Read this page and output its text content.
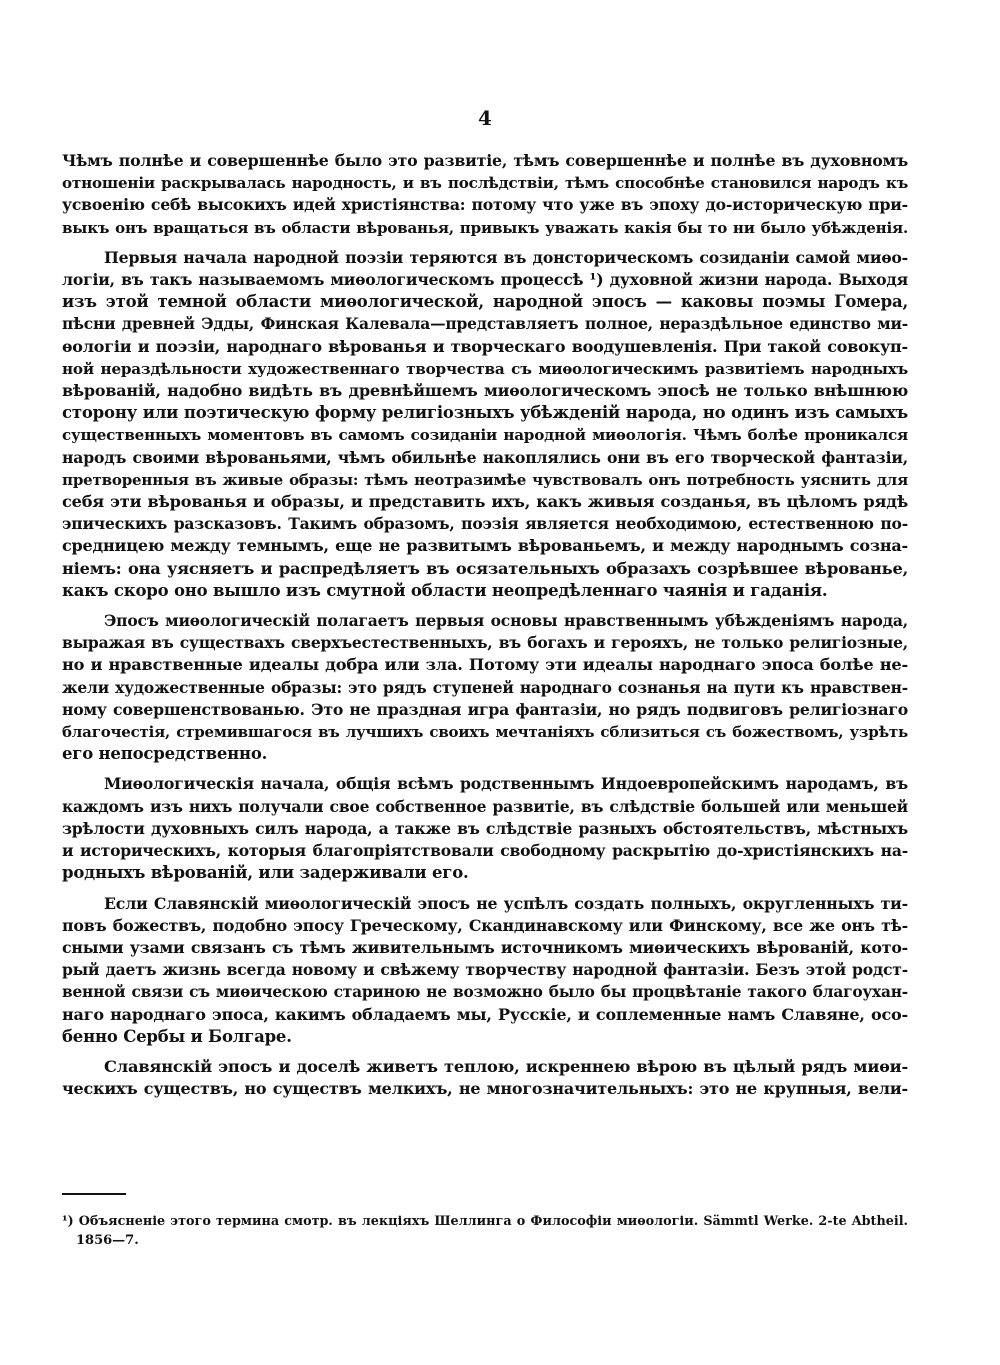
4
Чѣмъ полнѣе и совершеннѣе было это развитіе, тѣмъ совершеннѣе и полнѣе въ духовномъ
отношеніи раскрывалась народность, и въ послѣдствіи, тѣмъ способнѣе становился народъ къ
усвоенію себѣ высокихъ идей христіянства: потому что уже въ эпоху до-историческую при-
выкъ онъ вращаться въ области вѣрованья, привыкъ уважать какія бы то ни было убѣжденія.
Первыя начала народной поэзіи теряются въ донсторическомъ созиданіи самой миѳо-
логіи, въ такъ называемомъ миѳологическомъ процессѣ ¹) духовной жизни народа. Выходя
изъ этой темной области миѳологической, народной эпосъ — каковы поэмы Гомера,
пѣсни древней Эдды, Финская Калевала—представляетъ полное, нераздѣльное единство ми-
ѳологіи и поэзіи, народнаго вѣрованья и творческаго воодушевленія. При такой совокуп-
ной нераздѣльности художественнаго творчества съ миѳологическимъ развитіемъ народныхъ
вѣрованій, надобно видѣть въ древнѣйшемъ миѳологическомъ эпосѣ не только внѣшнюю
сторону или поэтическую форму религіозныхъ убѣжденій народа, но одинъ изъ самыхъ
существенныхъ моментовъ въ самомъ созиданіи народной миѳологія. Чѣмъ болѣе проникался
народъ своими вѣрованьями, чѣмъ обильнѣе накоплялись они въ его творческой фантазіи,
претворенныя въ живые образы: тѣмъ неотразимѣе чувствовалъ онъ потребность уяснить для
себя эти вѣрованья и образы, и представить ихъ, какъ живыя созданья, въ цѣломъ рядѣ
эпическихъ разсказовъ. Такимъ образомъ, поэзія является необходимою, естественною по-
средницею между темнымъ, еще не развитымъ вѣрованьемъ, и между народнымъ созна-
ніемъ: она уясняетъ и распредѣляетъ въ осязательныхъ образахъ созрѣвшее вѣрованье,
какъ скоро оно вышло изъ смутной области неопредѣленнаго чаянія и гаданія.
Эпосъ миѳологическій полагаетъ первыя основы нравственнымъ убѣжденіямъ народа,
выражая въ существахъ сверхъестественныхъ, въ богахъ и герояхъ, не только религіозные,
но и нравственные идеалы добра или зла. Потому эти идеалы народнаго эпоса болѣе не-
жели художественные образы: это рядъ ступеней народнаго сознанья на пути къ нравствен-
ному совершенствованью. Это не праздная игра фантазіи, но рядъ подвиговъ религіознаго
благочестія, стремившагося въ лучшихъ своихъ мечтаніяхъ сблизиться съ божествомъ, узрѣть
его непосредственно.
Миѳологическія начала, общія всѣмъ родственнымъ Индоевропейскимъ народамъ, въ
каждомъ изъ нихъ получали свое собственное развитіе, въ слѣдствіе большей или меньшей
зрѣлости духовныхъ силъ народа, а также въ слѣдствіе разныхъ обстоятельствъ, мѣстныхъ
и историческихъ, которыя благопріятствовали свободному раскрытію до-христіянскихъ на-
родныхъ вѣрованій, или задерживали его.
Если Славянскій миѳологическій эпосъ не успѣлъ создать полныхъ, округленныхъ ти-
повъ божествъ, подобно эпосу Греческому, Скандинавскому или Финскому, все же онъ тѣ-
сными узами связанъ съ тѣмъ живительнымъ источникомъ миѳическихъ вѣрованій, кото-
рый даетъ жизнь всегда новому и свѣжему творчеству народной фантазіи. Безъ этой родст-
венной связи съ миѳическою стариною не возможно было бы процвѣтаніе такого благоухан-
наго народнаго эпоса, какимъ обладаемъ мы, Русскіе, и соплеменные намъ Славяне, осо-
бенно Сербы и Болгаре.
Славянскій эпосъ и доселѣ живетъ теплою, искреннею вѣрою въ цѣлый рядъ миѳи-
ческихъ существъ, но существъ мелкихъ, не многозначительныхъ: это не крупныя, вели-
¹) Объясненіе этого термина смотр. въ лекціяхъ Шеллинга о Философіи миѳологіи. Sämmtl Werke. 2-te Abtheil.
1856—7.
